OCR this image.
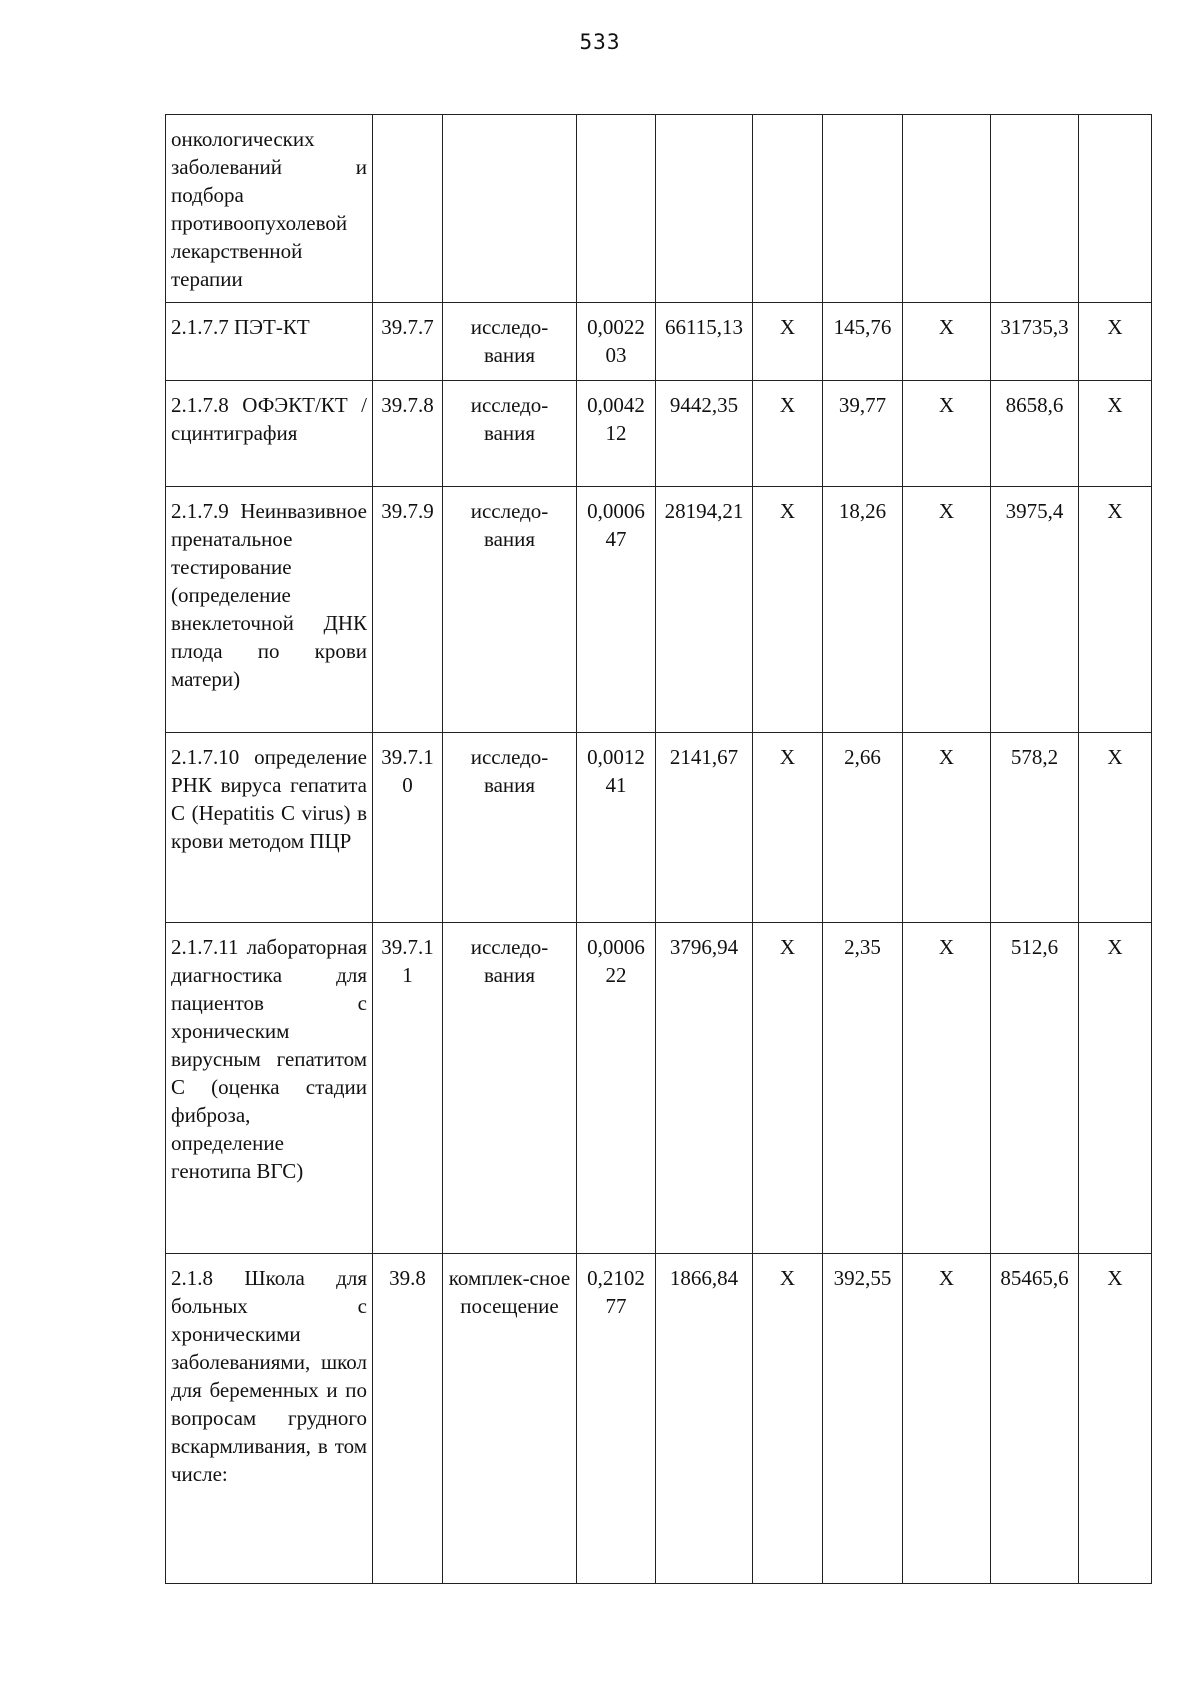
533
онкологических заболеваний и подбора противоопухолевой лекарственной терапии									
2.1.7.7 ПЭТ-КТ	39.7.7	исследо-вания	0,002203	66115,13	X	145,76	X	31735,3	X
2.1.7.8 ОФЭКТ/КТ /сцинтиграфия	39.7.8	исследо-вания	0,004212	9442,35	X	39,77	X	8658,6	X
2.1.7.9 Неинвазивное пренатальное тестирование (определение внеклеточной ДНК плода по крови матери)	39.7.9	исследо-вания	0,000647	28194,21	X	18,26	X	3975,4	X
2.1.7.10 определение РНК вируса гепатита С (Hepatitis C virus) в крови методом ПЦР	39.7.10	исследо-вания	0,001241	2141,67	X	2,66	X	578,2	X
2.1.7.11 лабораторная диагностика для пациентов с хроническим вирусным гепатитом С (оценка стадии фиброза, определение генотипа ВГС)	39.7.11	исследо-вания	0,000622	3796,94	X	2,35	X	512,6	X
2.1.8 Школа для больных с хроническими заболеваниями, школ для беременных и по вопросам грудного вскармливания, в том числе:	39.8	комплек-сное посещение	0,210277	1866,84	X	392,55	X	85465,6	X
